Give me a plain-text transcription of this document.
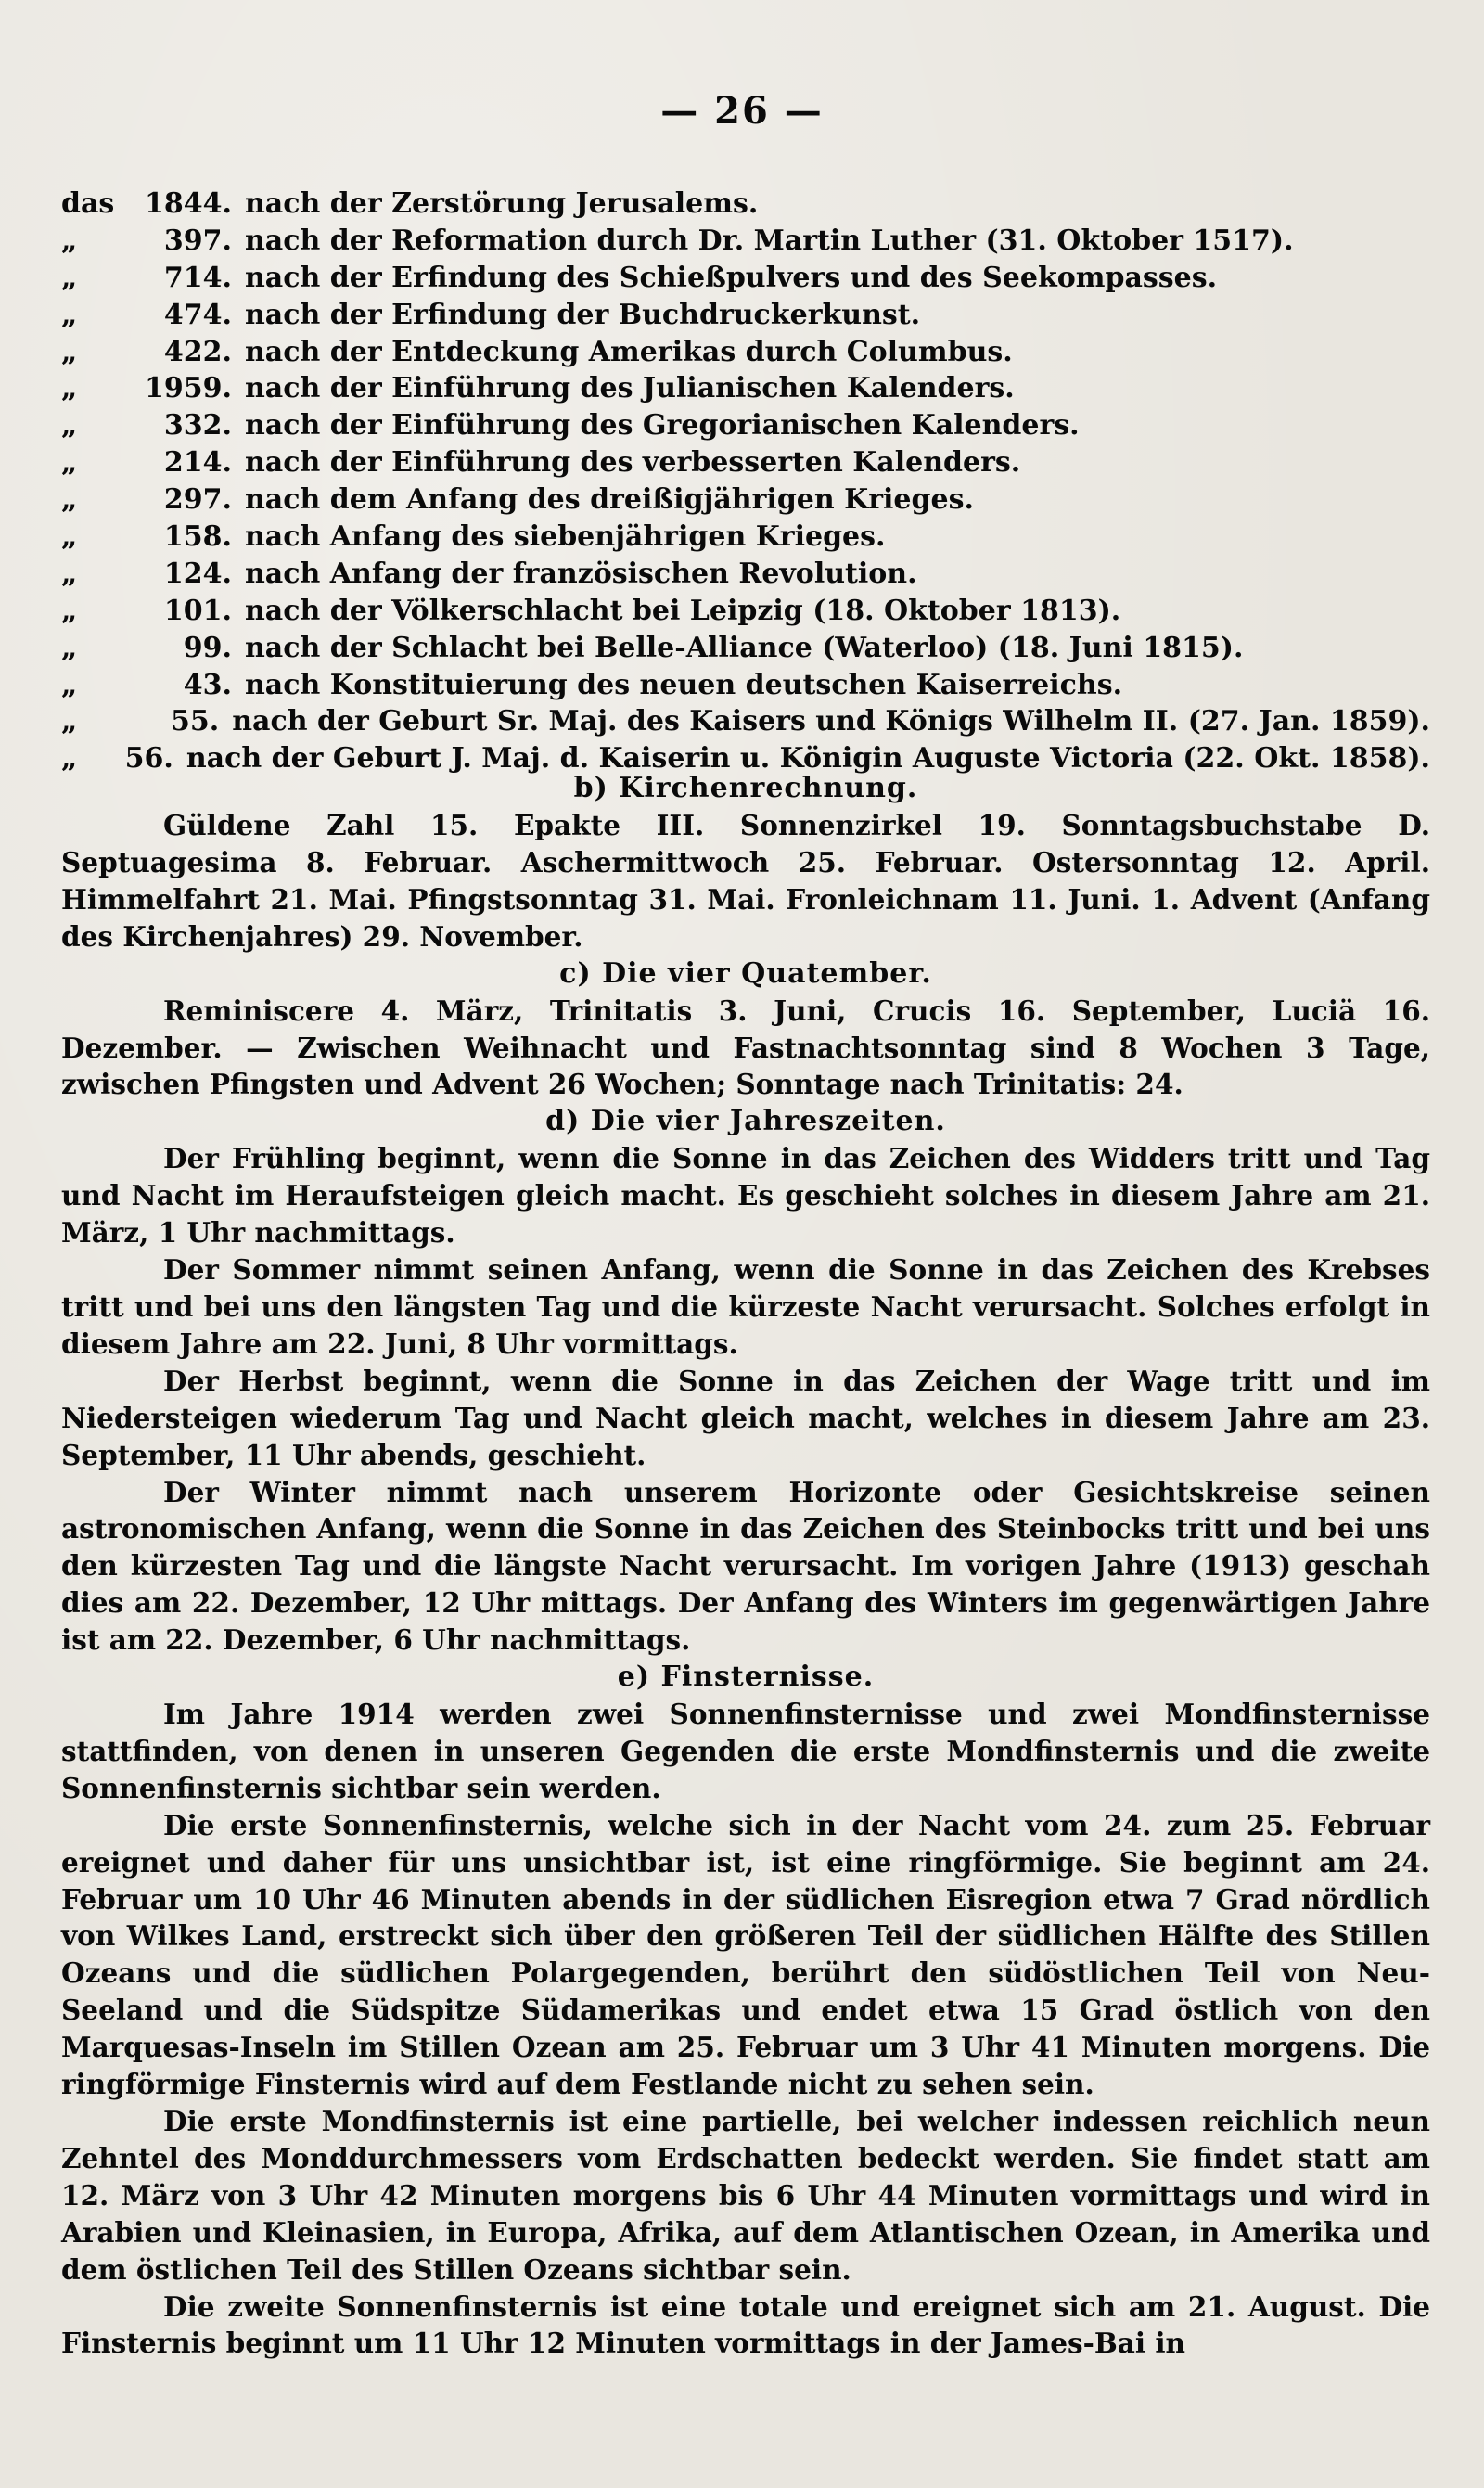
— 26 —
das	1844. nach der Zerstörung Jerusalems.
„	397. nach der Reformation durch Dr. Martin Luther (31. Oktober 1517).
„	714. nach der Erfindung des Schießpulvers und des Seekompasses.
„	474. nach der Erfindung der Buchdruckerkunst.
„	422. nach der Entdeckung Amerikas durch Columbus.
„	1959. nach der Einführung des Julianischen Kalenders.
„	332. nach der Einführung des Gregorianischen Kalenders.
„	214. nach der Einführung des verbesserten Kalenders.
„	297. nach dem Anfang des dreißigjährigen Krieges.
„	158. nach Anfang des siebenjährigen Krieges.
„	124. nach Anfang der französischen Revolution.
„	101. nach der Völkerschlacht bei Leipzig (18. Oktober 1813).
„	99. nach der Schlacht bei Belle-Alliance (Waterloo) (18. Juni 1815).
„	43. nach Konstituierung des neuen deutschen Kaiserreichs.
„	55. nach der Geburt Sr. Maj. des Kaisers und Königs Wilhelm II. (27. Jan. 1859).
„	56. nach der Geburt J. Maj. d. Kaiserin u. Königin Auguste Victoria (22. Okt. 1858).
b) Kirchenrechnung.

Güldene Zahl 15. Epakte III. Sonnenzirkel 19. Sonntagsbuchstabe D. Septuagesima 8. Februar. Aschermittwoch 25. Februar. Ostersonntag 12. April. Himmelfahrt 21. Mai. Pfingstsonntag 31. Mai. Fronleichnam 11. Juni. 1. Advent (Anfang des Kirchenjahres) 29. November.

c) Die vier Quatember.

Reminiscere 4. März, Trinitatis 3. Juni, Crucis 16. September, Luciä 16. Dezember. — Zwischen Weihnacht und Fastnachtsonntag sind 8 Wochen 3 Tage, zwischen Pfingsten und Advent 26 Wochen; Sonntage nach Trinitatis: 24.

d) Die vier Jahreszeiten.

Der Frühling beginnt, wenn die Sonne in das Zeichen des Widders tritt und Tag und Nacht im Heraufsteigen gleich macht. Es geschieht solches in diesem Jahre am 21. März, 1 Uhr nachmittags.

Der Sommer nimmt seinen Anfang, wenn die Sonne in das Zeichen des Krebses tritt und bei uns den längsten Tag und die kürzeste Nacht verursacht. Solches erfolgt in diesem Jahre am 22. Juni, 8 Uhr vormittags.

Der Herbst beginnt, wenn die Sonne in das Zeichen der Wage tritt und im Niedersteigen wiederum Tag und Nacht gleich macht, welches in diesem Jahre am 23. September, 11 Uhr abends, geschieht.

Der Winter nimmt nach unserem Horizonte oder Gesichtskreise seinen astronomischen Anfang, wenn die Sonne in das Zeichen des Steinbocks tritt und bei uns den kürzesten Tag und die längste Nacht verursacht. Im vorigen Jahre (1913) geschah dies am 22. Dezember, 12 Uhr mittags. Der Anfang des Winters im gegenwärtigen Jahre ist am 22. Dezember, 6 Uhr nachmittags.

e) Finsternisse.

Im Jahre 1914 werden zwei Sonnenfinsternisse und zwei Mondfinsternisse stattfinden, von denen in unseren Gegenden die erste Mondfinsternis und die zweite Sonnenfinsternis sichtbar sein werden.

Die erste Sonnenfinsternis, welche sich in der Nacht vom 24. zum 25. Februar ereignet und daher für uns unsichtbar ist, ist eine ringförmige. Sie beginnt am 24. Februar um 10 Uhr 46 Minuten abends in der südlichen Eisregion etwa 7 Grad nördlich von Wilkes Land, erstreckt sich über den größeren Teil der südlichen Hälfte des Stillen Ozeans und die südlichen Polargegenden, berührt den südöstlichen Teil von Neu-Seeland und die Südspitze Südamerikas und endet etwa 15 Grad östlich von den Marquesas-Inseln im Stillen Ozean am 25. Februar um 3 Uhr 41 Minuten morgens. Die ringförmige Finsternis wird auf dem Festlande nicht zu sehen sein.

Die erste Mondfinsternis ist eine partielle, bei welcher indessen reichlich neun Zehntel des Monddurchmessers vom Erdschatten bedeckt werden. Sie findet statt am 12. März von 3 Uhr 42 Minuten morgens bis 6 Uhr 44 Minuten vormittags und wird in Arabien und Kleinasien, in Europa, Afrika, auf dem Atlantischen Ozean, in Amerika und dem östlichen Teil des Stillen Ozeans sichtbar sein.

Die zweite Sonnenfinsternis ist eine totale und ereignet sich am 21. August. Die Finsternis beginnt um 11 Uhr 12 Minuten vormittags in der James-Bai in
